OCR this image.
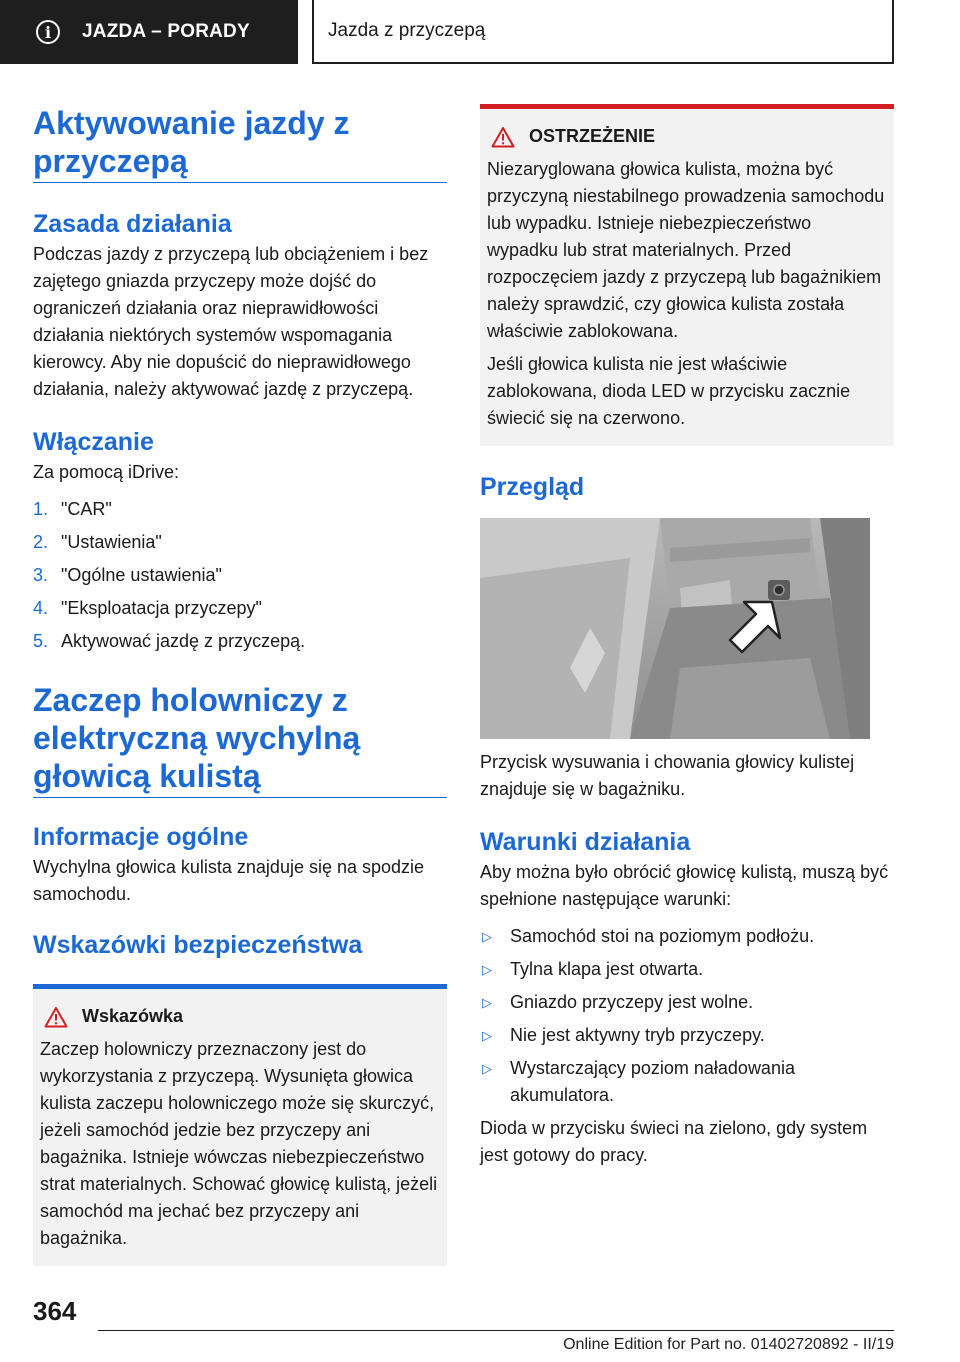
i	JAZDA – PORADY	Jazda z przyczepą
Aktywowanie jazdy z przyczepą
Zasada działania

Podczas jazdy z przyczepą lub obciążeniem i bez zajętego gniazda przyczepy może dojść do ograniczeń działania oraz nieprawidłowości działania niektórych systemów wspomagania kierowcy. Aby nie dopuścić do nieprawidłowego działania, należy aktywować jazdę z przyczepą.

Włączanie

Za pomocą iDrive:

1. "CAR"
2. "Ustawienia"
3. "Ogólne ustawienia"
4. "Eksploatacja przyczepy"
5. Aktywować jazdę z przyczepą.
Zaczep holowniczy z elektryczną wychylną głowicą kulistą
Informacje ogólne

Wychylna głowica kulista znajduje się na spodzie samochodu.

Wskazówki bezpieczeństwa
Wskazówka

Zaczep holowniczy przeznaczony jest do wykorzystania z przyczepą. Wysunięta głowica kulista zaczepu holowniczego może się skurczyć, jeżeli samochód jedzie bez przyczepy ani bagażnika. Istnieje wówczas niebezpieczeństwo strat materialnych. Schować głowicę kulistą, jeżeli samochód ma jechać bez przyczepy ani bagażnika.

OSTRZEŻENIE

Niezaryglowana głowica kulista, można być przyczyną niestabilnego prowadzenia samochodu lub wypadku. Istnieje niebezpieczeństwo wypadku lub strat materialnych. Przed rozpoczęciem jazdy z przyczepą lub bagażnikiem należy sprawdzić, czy głowica kulista została właściwie zablokowana.

Jeśli głowica kulista nie jest właściwie zablokowana, dioda LED w przycisku zacznie świecić się na czerwono.

Przegląd

Przycisk wysuwania i chowania głowicy kulistej znajduje się w bagażniku.

Warunki działania

Aby można było obrócić głowicę kulistą, muszą być spełnione następujące warunki:

▷	Samochód stoi na poziomym podłożu.
▷	Tylna klapa jest otwarta.
▷	Gniazdo przyczepy jest wolne.
▷	Nie jest aktywny tryb przyczepy.
▷	Wystarczający poziom naładowania akumulatora.

Dioda w przycisku świeci na zielono, gdy system jest gotowy do pracy.

364
Online Edition for Part no. 01402720892 - II/19
